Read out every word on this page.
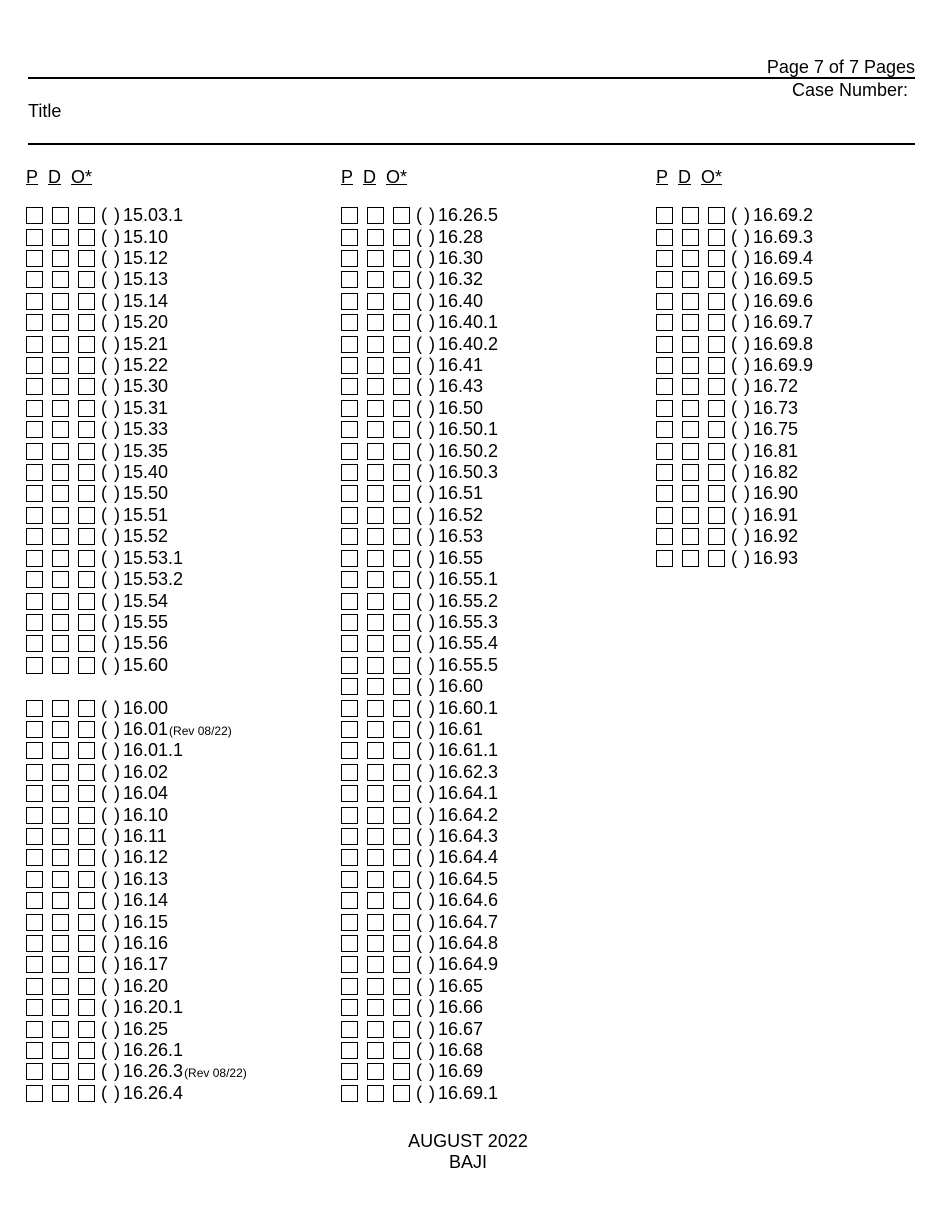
Page 7 of 7 Pages
Case Number:
Title
P D O*
( ) 15.03.1
( ) 15.10
( ) 15.12
( ) 15.13
( ) 15.14
( ) 15.20
( ) 15.21
( ) 15.22
( ) 15.30
( ) 15.31
( ) 15.33
( ) 15.35
( ) 15.40
( ) 15.50
( ) 15.51
( ) 15.52
( ) 15.53.1
( ) 15.53.2
( ) 15.54
( ) 15.55
( ) 15.56
( ) 15.60
( ) 16.00
( ) 16.01 (Rev 08/22)
( ) 16.01.1
( ) 16.02
( ) 16.04
( ) 16.10
( ) 16.11
( ) 16.12
( ) 16.13
( ) 16.14
( ) 16.15
( ) 16.16
( ) 16.17
( ) 16.20
( ) 16.20.1
( ) 16.25
( ) 16.26.1
( ) 16.26.3 (Rev 08/22)
( ) 16.26.4
P D O*
( ) 16.26.5
( ) 16.28
( ) 16.30
( ) 16.32
( ) 16.40
( ) 16.40.1
( ) 16.40.2
( ) 16.41
( ) 16.43
( ) 16.50
( ) 16.50.1
( ) 16.50.2
( ) 16.50.3
( ) 16.51
( ) 16.52
( ) 16.53
( ) 16.55
( ) 16.55.1
( ) 16.55.2
( ) 16.55.3
( ) 16.55.4
( ) 16.55.5
( ) 16.60
( ) 16.60.1
( ) 16.61
( ) 16.61.1
( ) 16.62.3
( ) 16.64.1
( ) 16.64.2
( ) 16.64.3
( ) 16.64.4
( ) 16.64.5
( ) 16.64.6
( ) 16.64.7
( ) 16.64.8
( ) 16.64.9
( ) 16.65
( ) 16.66
( ) 16.67
( ) 16.68
( ) 16.69
( ) 16.69.1
P D O*
( ) 16.69.2
( ) 16.69.3
( ) 16.69.4
( ) 16.69.5
( ) 16.69.6
( ) 16.69.7
( ) 16.69.8
( ) 16.69.9
( ) 16.72
( ) 16.73
( ) 16.75
( ) 16.81
( ) 16.82
( ) 16.90
( ) 16.91
( ) 16.92
( ) 16.93
AUGUST 2022
BAJI
